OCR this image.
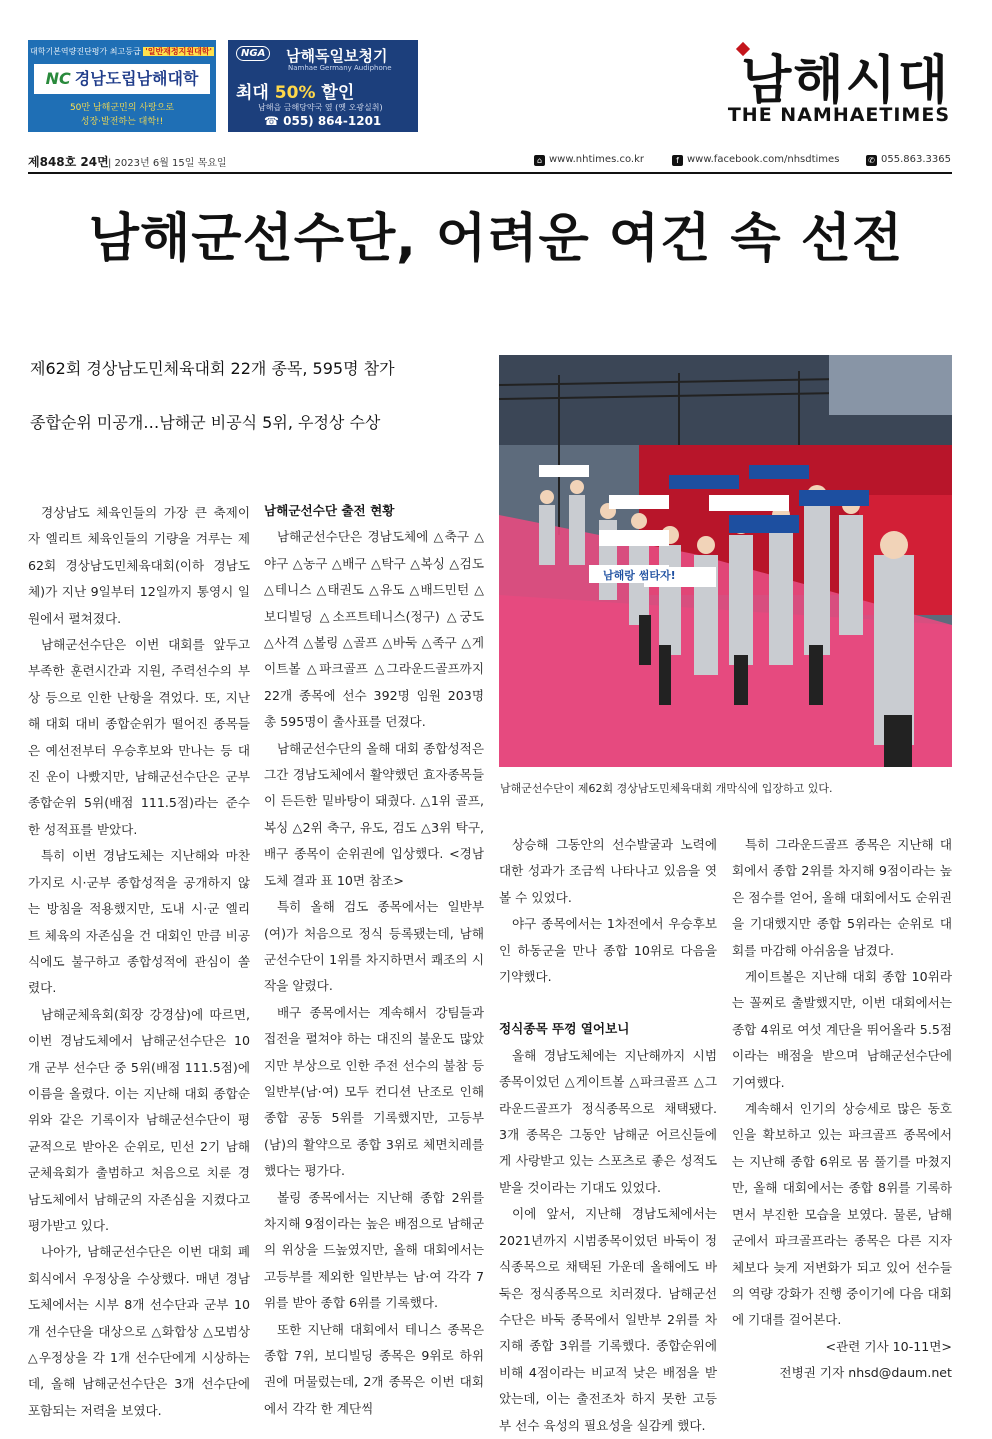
대학기본역량진단평가 최고등급 '일반재정지원대학'
NC 경남도립남해대학
50만 남해군민의 사랑으로
성장·발전하는 대학!!
NGA	남해독일보청기
Namhae Germany Audiphone
최대 50% 할인
남해읍 금해당약국 옆 (옛 오광실취)
☎ 055) 864-1201
남해시대
THE NAMHAETIMES
제848호 24면 | 2023년 6월 15일 목요일	⌂ www.nhtimes.co.kr	f www.facebook.com/nhsdtimes	✆ 055.863.3365
남해군선수단, 어려운 여건 속 선전
제62회 경상남도민체육대회 22개 종목, 595명 참가
종합순위 미공개…남해군 비공식 5위, 우정상 수상
남해랑 썸타자!
남해군선수단이 제62회 경상남도민체육대회 개막식에 입장하고 있다.

경상남도 체육인들의 가장 큰 축제이자 엘리트 체육인들의 기량을 겨루는 제62회 경상남도민체육대회(이하 경남도체)가 지난 9일부터 12일까지 통영시 일원에서 펼쳐졌다.

남해군선수단은 이번 대회를 앞두고 부족한 훈련시간과 지원, 주력선수의 부상 등으로 인한 난항을 겪었다. 또, 지난해 대회 대비 종합순위가 떨어진 종목들은 예선전부터 우승후보와 만나는 등 대진 운이 나빴지만, 남해군선수단은 군부 종합순위 5위(배점 111.5점)라는 준수한 성적표를 받았다.

특히 이번 경남도체는 지난해와 마찬가지로 시·군부 종합성적을 공개하지 않는 방침을 적용했지만, 도내 시·군 엘리트 체육의 자존심을 건 대회인 만큼 비공식에도 불구하고 종합성적에 관심이 쏠렸다.

남해군체육회(회장 강경삼)에 따르면, 이번 경남도체에서 남해군선수단은 10개 군부 선수단 중 5위(배점 111.5점)에 이름을 올렸다. 이는 지난해 대회 종합순위와 같은 기록이자 남해군선수단이 평균적으로 받아온 순위로, 민선 2기 남해군체육회가 출범하고 처음으로 치룬 경남도체에서 남해군의 자존심을 지켰다고 평가받고 있다.

나아가, 남해군선수단은 이번 대회 폐회식에서 우정상을 수상했다. 매년 경남도체에서는 시부 8개 선수단과 군부 10개 선수단을 대상으로 △화합상 △모범상 △우정상을 각 1개 선수단에게 시상하는데, 올해 남해군선수단은 3개 선수단에 포함되는 저력을 보였다.

남해군선수단 출전 현황

남해군선수단은 경남도체에 △축구 △야구 △농구 △배구 △탁구 △복싱 △검도 △테니스 △태권도 △유도 △배드민턴 △보디빌딩 △소프트테니스(정구) △궁도 △사격 △볼링 △골프 △바둑 △족구 △게이트볼 △파크골프 △그라운드골프까지 22개 종목에 선수 392명 임원 203명 총 595명이 출사표를 던졌다.

남해군선수단의 올해 대회 종합성적은 그간 경남도체에서 활약했던 효자종목들이 든든한 밑바탕이 돼줬다. △1위 골프, 복싱 △2위 축구, 유도, 검도 △3위 탁구, 배구 종목이 순위권에 입상했다. <경남도체 결과 표 10면 참조>

특히 올해 검도 종목에서는 일반부(여)가 처음으로 정식 등록됐는데, 남해군선수단이 1위를 차지하면서 쾌조의 시작을 알렸다.

배구 종목에서는 계속해서 강팀들과 접전을 펼쳐야 하는 대진의 불운도 많았지만 부상으로 인한 주전 선수의 불참 등 일반부(남·여) 모두 컨디션 난조로 인해 종합 공동 5위를 기록했지만, 고등부(남)의 활약으로 종합 3위로 체면치레를 했다는 평가다.

볼링 종목에서는 지난해 종합 2위를 차지해 9점이라는 높은 배점으로 남해군의 위상을 드높였지만, 올해 대회에서는 고등부를 제외한 일반부는 남·여 각각 7위를 받아 종합 6위를 기록했다.

또한 지난해 대회에서 테니스 종목은 종합 7위, 보디빌딩 종목은 9위로 하위권에 머물렀는데, 2개 종목은 이번 대회에서 각각 한 계단씩

상승해 그동안의 선수발굴과 노력에 대한 성과가 조금씩 나타나고 있음을 엿볼 수 있었다.

야구 종목에서는 1차전에서 우승후보인 하동군을 만나 종합 10위로 다음을 기약했다.

정식종목 뚜껑 열어보니

올해 경남도체에는 지난해까지 시범종목이었던 △게이트볼 △파크골프 △그라운드골프가 정식종목으로 채택됐다. 3개 종목은 그동안 남해군 어르신들에게 사랑받고 있는 스포츠로 좋은 성적도 받을 것이라는 기대도 있었다.

이에 앞서, 지난해 경남도체에서는 2021년까지 시범종목이었던 바둑이 정식종목으로 채택된 가운데 올해에도 바둑은 정식종목으로 치러졌다. 남해군선수단은 바둑 종목에서 일반부 2위를 차지해 종합 3위를 기록했다. 종합순위에 비해 4점이라는 비교적 낮은 배점을 받았는데, 이는 출전조차 하지 못한 고등부 선수 육성의 필요성을 실감케 했다.

특히 그라운드골프 종목은 지난해 대회에서 종합 2위를 차지해 9점이라는 높은 점수를 얻어, 올해 대회에서도 순위권을 기대했지만 종합 5위라는 순위로 대회를 마감해 아쉬움을 남겼다.

게이트볼은 지난해 대회 종합 10위라는 꼴찌로 출발했지만, 이번 대회에서는 종합 4위로 여섯 계단을 뛰어올라 5.5점이라는 배점을 받으며 남해군선수단에 기여했다.

계속해서 인기의 상승세로 많은 동호인을 확보하고 있는 파크골프 종목에서는 지난해 종합 6위로 몸 풀기를 마쳤지만, 올해 대회에서는 종합 8위를 기록하면서 부진한 모습을 보였다. 물론, 남해군에서 파크골프라는 종목은 다른 지자체보다 늦게 저변화가 되고 있어 선수들의 역량 강화가 진행 중이기에 다음 대회에 기대를 걸어본다.

<관련 기사 10-11면>

전병권 기자 nhsd@daum.net
